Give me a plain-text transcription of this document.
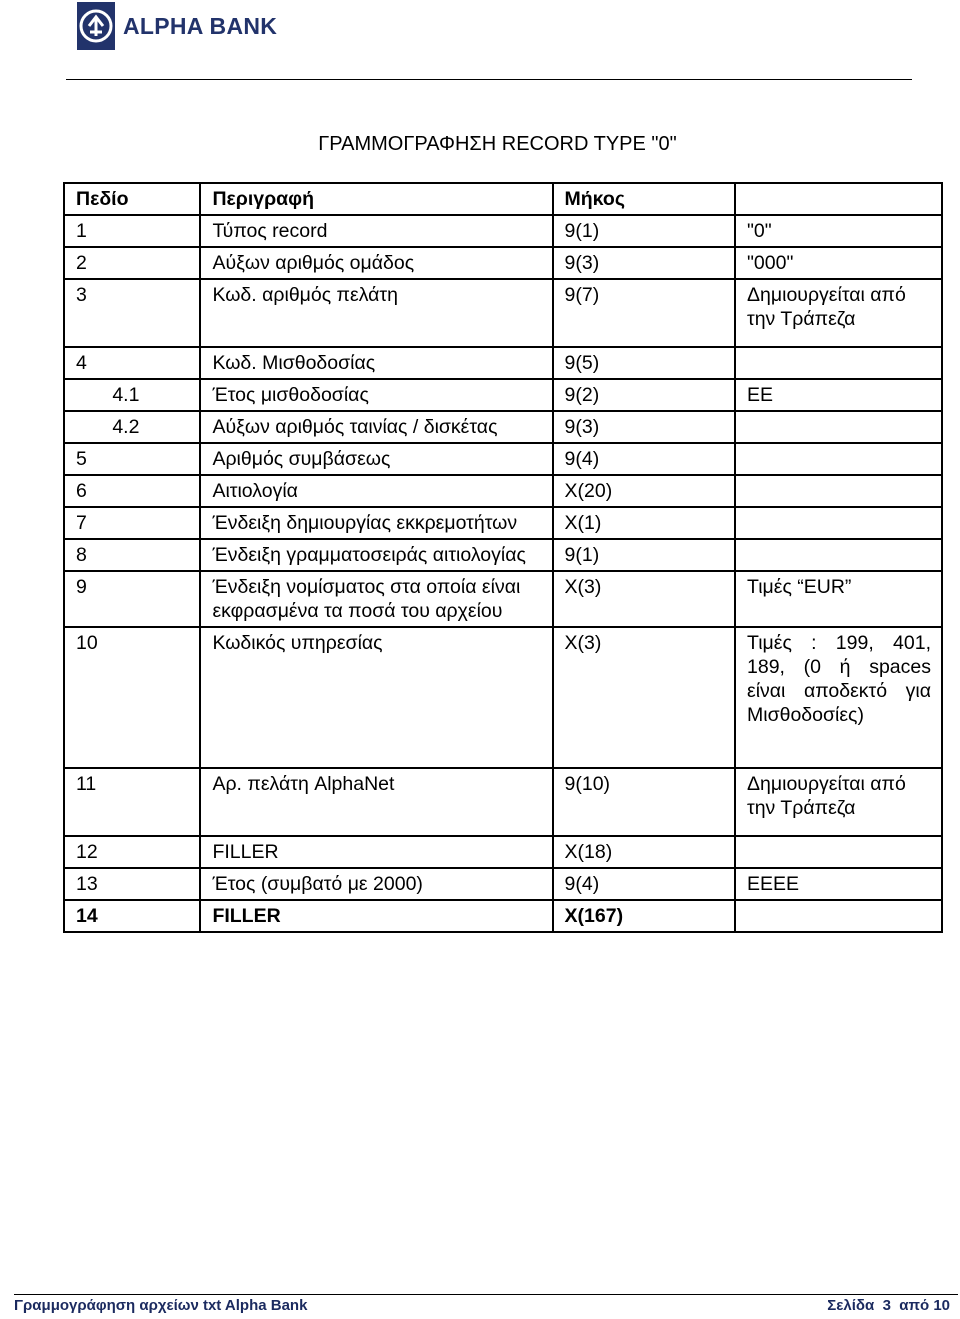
ALPHA BANK
ΓΡΑΜΜΟΓΡΑΦΗΣΗ RECORD TYPE "0"
Πεδίο	Περιγραφή	Μήκος	
1	Τύπος record	9(1)	"0"
2	Αύξων αριθμός ομάδος	9(3)	"000"
3	Κωδ. αριθμός πελάτη	9(7)	Δημιουργείται από την Τράπεζα
4	Κωδ. Μισθοδοσίας	9(5)	
4.1	Έτος μισθοδοσίας	9(2)	ΕΕ
4.2	Αύξων αριθμός ταινίας / δισκέτας	9(3)	
5	Αριθμός συμβάσεως	9(4)	
6	Αιτιολογία	X(20)	
7	Ένδειξη δημιουργίας εκκρεμοτήτων	X(1)	
8	Ένδειξη γραμματοσειράς αιτιολογίας	9(1)	
9	Ένδειξη νομίσματος στα οποία είναι εκφρασμένα τα ποσά του αρχείου	X(3)	Τιμές “EUR”
10	Κωδικός υπηρεσίας	X(3)	Τιμές : 199, 401, 189, (0 ή spaces είναι αποδεκτό για Μισθοδοσίες)
11	Αρ. πελάτη AlphaNet	9(10)	Δημιουργείται από την Τράπεζα
12	FILLER	X(18)	
13	Έτος (συμβατό με 2000)	9(4)	ΕΕΕΕ
14	FILLER	X(167)	
Γραμμογράφηση αρχείων txt Alpha Bank	Σελίδα 3 από 10
